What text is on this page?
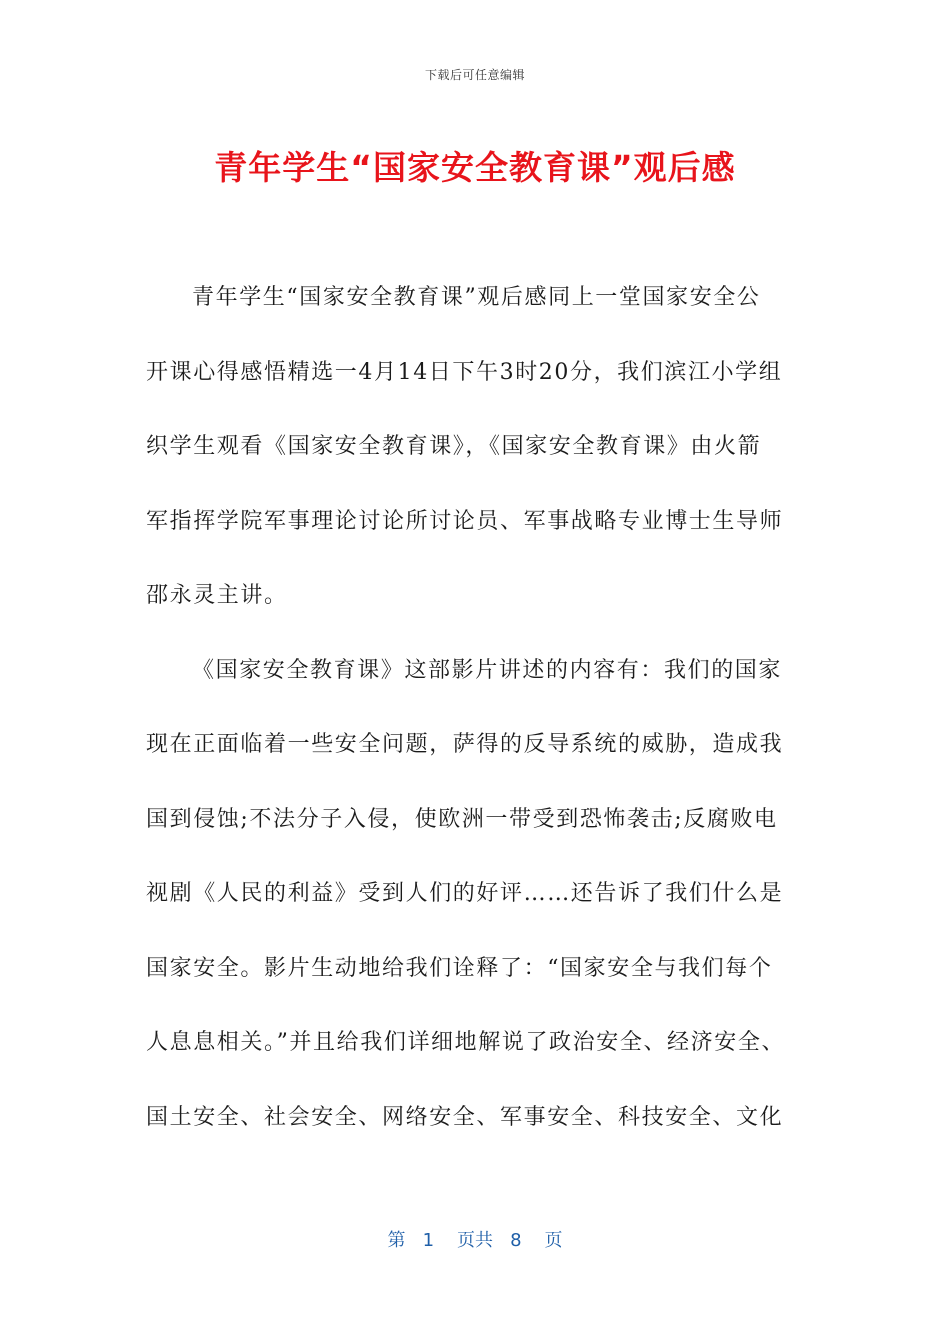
下载后可任意编辑
青年学生“国家安全教育课”观后感
青年学生“国家安全教育课”观后感同上一堂国家安全公
开课心得感悟精选一4月14日下午3时20分，我们滨江小学组
织学生观看《国家安全教育课》，《国家安全教育课》由火箭
军指挥学院军事理论讨论所讨论员、军事战略专业博士生导师
邵永灵主讲。
《国家安全教育课》这部影片讲述的内容有：我们的国家
现在正面临着一些安全问题，萨得的反导系统的威胁，造成我
国到侵蚀;不法分子入侵，使欧洲一带受到恐怖袭击;反腐败电
视剧《人民的利益》受到人们的好评……还告诉了我们什么是
国家安全。影片生动地给我们诠释了：“国家安全与我们每个
人息息相关。”并且给我们详细地解说了政治安全、经济安全、
国土安全、社会安全、网络安全、军事安全、科技安全、文化
第 1 页共 8 页
